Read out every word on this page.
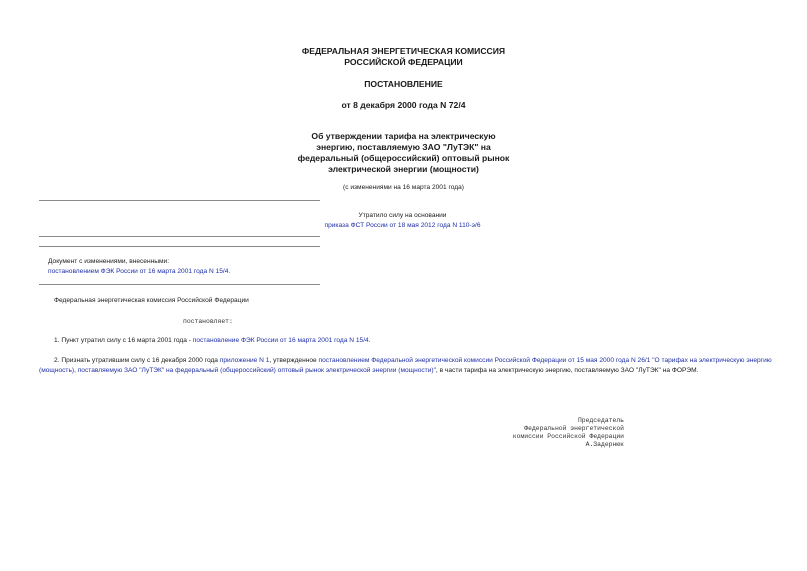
ФЕДЕРАЛЬНАЯ ЭНЕРГЕТИЧЕСКАЯ КОМИССИЯ
РОССИЙСКОЙ ФЕДЕРАЦИИ
ПОСТАНОВЛЕНИЕ
от 8 декабря 2000 года N 72/4
Об утверждении тарифа на электрическую
энергию, поставляемую ЗАО "ЛуТЭК" на
федеральный (общероссийский) оптовый рынок
электрической энергии (мощности)
(с изменениями на 16 марта 2001 года)
Утратило силу на основании
приказа ФСТ России от 18 мая 2012 года N 110-э/6
Документ с изменениями, внесенными:
постановлением ФЭК России от 16 марта 2001 года N 15/4.
Федеральная энергетическая комиссия Российской Федерации
постановляет:
1. Пункт утратил силу с 16 марта 2001 года - постановление ФЭК России от 16 марта 2001 года N 15/4.
2. Признать утратившим силу с 16 декабря 2000 года приложение N 1, утвержденное постановлением Федеральной энергетической комиссии Российской Федерации от 15 мая 2000 года N 26/1 "О тарифах на электрическую энергию (мощность), поставляемую ЗАО "ЛуТЭК" на федеральный (общероссийский) оптовый рынок электрической энергии (мощности)", в части тарифа на электрическую энергию, поставляемую ЗАО "ЛуТЭК" на ФОРЭМ.
Председатель
Федеральной энергетической
комиссии Российской Федерации
А.Задернюк
